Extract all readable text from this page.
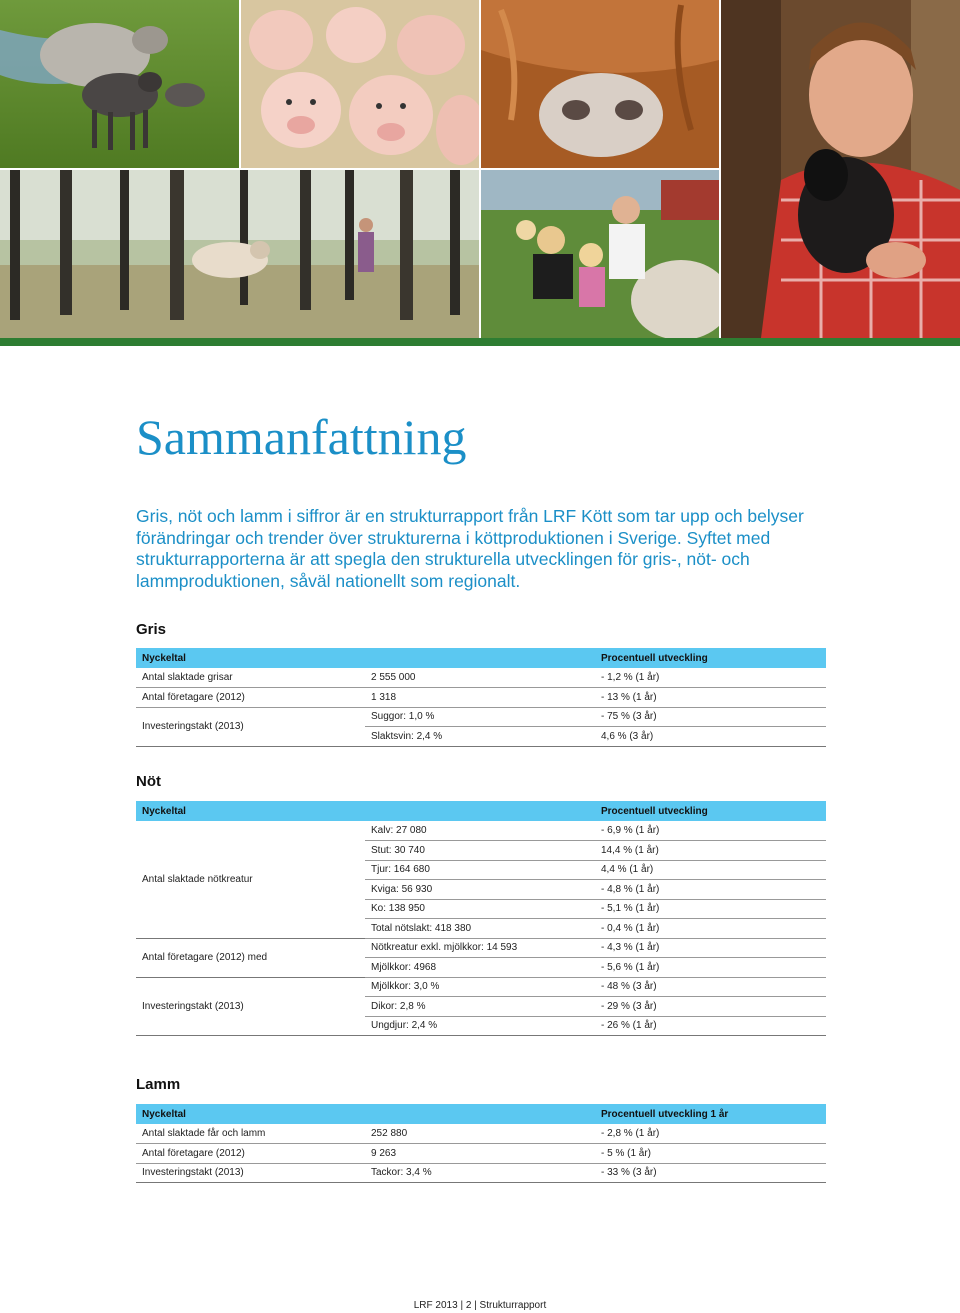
Sammanfattning

Gris, nöt och lamm i siffror är en strukturrapport från LRF Kött som tar upp och belyser förändringar och trender över strukturerna i köttproduktionen i Sverige. Syftet med strukturrapporterna är att spegla den strukturella utvecklingen för gris-, nöt- och lammproduktionen, såväl nationellt som regionalt.

Gris
Nyckeltal		Procentuell utveckling
Antal slaktade grisar	2 555 000	- 1,2 % (1 år)
Antal företagare (2012)	1 318	- 13 % (1 år)
Investeringstakt (2013)	Suggor: 1,0 %	- 75 % (3 år)
	Slaktsvin: 2,4 %	4,6 % (3 år)
Nöt
Nyckeltal		Procentuell utveckling
Antal slaktade nötkreatur	Kalv: 27 080	- 6,9 % (1 år)
	Stut: 30 740	14,4 % (1 år)
	Tjur: 164 680	4,4 % (1 år)
	Kviga: 56 930	- 4,8 % (1 år)
	Ko: 138 950	- 5,1 % (1 år)
	Total nötslakt: 418 380	- 0,4 % (1 år)
Antal företagare (2012) med	Nötkreatur exkl. mjölkkor: 14 593	- 4,3 % (1 år)
	Mjölkkor: 4968	- 5,6 % (1 år)
Investeringstakt (2013)	Mjölkkor: 3,0 %	- 48 % (3 år)
	Dikor: 2,8 %	- 29 % (3 år)
	Ungdjur: 2,4 %	- 26 % (1 år)
Lamm
Nyckeltal		Procentuell utveckling 1 år
Antal slaktade får och lamm	252 880	- 2,8 % (1 år)
Antal företagare (2012)	9 263	- 5 % (1 år)
Investeringstakt (2013)	Tackor: 3,4 %	- 33 % (3 år)
LRF 2013 | 2 | Strukturrapport
